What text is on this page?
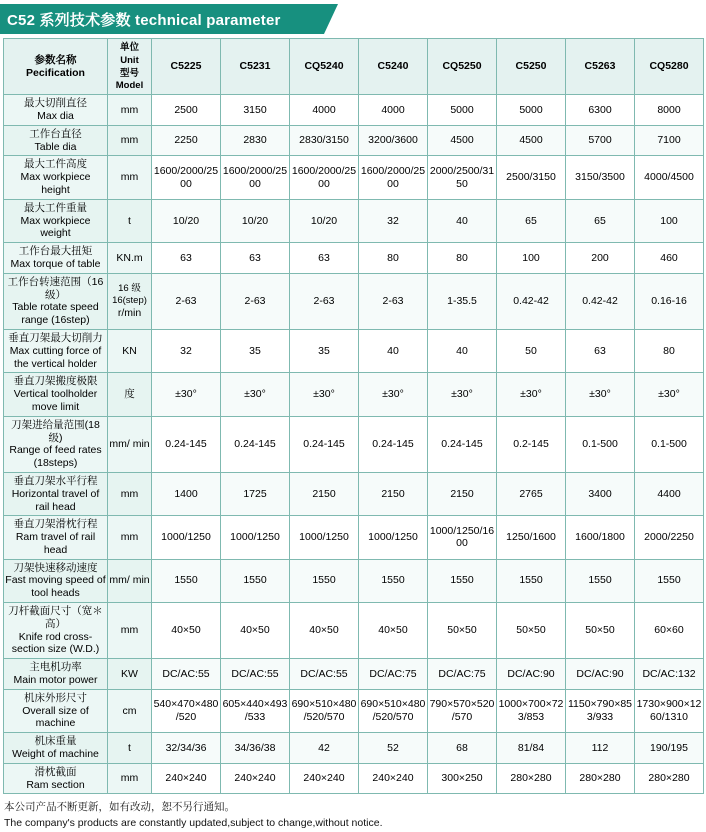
C52 系列技术参数 technical parameter
参数名称
Pecification	单位
Unit
型号
Model	C5225	C5231	CQ5240	C5240	CQ5250	C5250	C5263	CQ5280

最大切削直径
Max dia	mm	2500	3150	4000	4000	5000	5000	6300	8000

工作台直径
Table dia	mm	2250	2830	2830/3150	3200/3600	4500	4500	5700	7100

最大工件高度
Max workpiece height	mm	1600/2000/2500	1600/2000/2500	1600/2000/2500	1600/2000/2500	2000/2500/3150	2500/3150	3150/3500	4000/4500

最大工件重量
Max workpiece weight	t	10/20	10/20	10/20	32	40	65	65	100

工作台最大扭矩
Max torque of table	KN.m	63	63	63	80	80	100	200	460

工作台转速范围（16级）
Table rotate speed range (16step)	16 级 16(step)
r/min	2-63	2-63	2-63	2-63	1-35.5	0.42-42	0.42-42	0.16-16

垂直刀架最大切削力
Max cutting force of the vertical holder	KN	32	35	35	40	40	50	63	80

垂直刀架搬度极限
Vertical toolholder move limit	度	±30°	±30°	±30°	±30°	±30°	±30°	±30°	±30°

刀架进给量范围(18级)
Range of feed rates (18steps)	mm/ min	0.24-145	0.24-145	0.24-145	0.24-145	0.24-145	0.2-145	0.1-500	0.1-500

垂直刀架水平行程
Horizontal travel of rail head	mm	1400	1725	2150	2150	2150	2765	3400	4400

垂直刀架滑枕行程
Ram travel of rail head	mm	1000/1250	1000/1250	1000/1250	1000/1250	1000/1250/1600	1250/1600	1600/1800	2000/2250

刀架快速移动速度
Fast moving speed of tool heads	mm/ min	1550	1550	1550	1550	1550	1550	1550	1550

刀杆截面尺寸（宽＊高）
Knife rod cross-section size (W.D.)	mm	40×50	40×50	40×50	40×50	50×50	50×50	50×50	60×60

主电机功率
Main motor power	KW	DC/AC:55	DC/AC:55	DC/AC:55	DC/AC:75	DC/AC:75	DC/AC:90	DC/AC:90	DC/AC:132

机床外形尺寸
Overall size of machine	cm	540×470×480/520	605×440×493/533	690×510×480/520/570	690×510×480/520/570	790×570×520/570	1000×700×723/853	1150×790×853/933	1730×900×1260/1310

机床重量
Weight of machine	t	32/34/36	34/36/38	42	52	68	81/84	112	190/195

滑枕截面
Ram section	mm	240×240	240×240	240×240	240×240	300×250	280×280	280×280	280×280
本公司产品不断更新，如有改动，恕不另行通知。
The company's products are constantly updated,subject to change,without notice.
